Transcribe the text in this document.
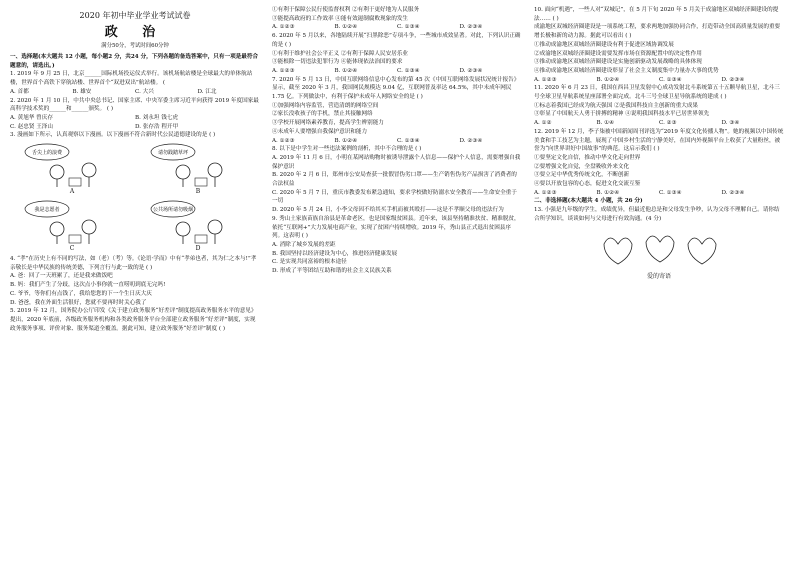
2020 年初中毕业学业考试试卷
政 治
满分50分，考试时间60分钟

一、选择题(本大题共 12 小题，每小题2 分，共24 分，下列各题的备选答案中，只有一项是最符合题意的，请选出。)

1. 2019 年 9 月 25 日，北京______国际机场投运仪式举行。该机场航站楼是全球最大的单体航站楼，世界首个高铁下穿航站楼、世界首个“双进双出”航站楼。 (

A. 首都	B. 雄安	C. 大兴	D. 江北

2. 2020 年 1 月 10 日，中共中央总书记、国家主席、中央军委主席习近平向获得 2019 年度国家最高科学技术奖的______和______颁奖。 ( )

A. 黄旭华 曾庆存	B. 刘永坦 钱七虎
C. 赵忠贤 王泽山	D. 张存浩 程开甲

3. 漫画如下所示，认真观察以下漫画。以下漫画不符合新时代公民道德建设的是 ( )

舌尖上的浪费
A
请勿践踏草坪
B
我是志愿者
C
公共场所请勿吸烟
D

4. “孝”在历史上有不同的写法，如（老）（考）等。《论语·学而》中有“孝弟也者，其为仁之本与!”孝亲敬长是中华民族的传统美德，下列言行与此一致的是 ( )

A. 爸：回了一天班累了，还是我来做饭吧

B. 妈：我们产生了分歧，这次点小事你就一直唠叨到底无完吗!

C. 爷爷，等你们有点钱了，我给您您的下一个生日庆大庆

D. 爸爸，我在外面生活很好，您就不要再时时关心我了

5. 2019 年 12 月，国务院办公厅印发《关于建立政务服务“好差评”制度提高政务服务水平的意见》提出，2020 年底前，各级政务服务机构和各类政务服务平台全部建立政务服务“好差评”制度，实现政务服务事项、评价对象、服务渠道全覆盖。据此可知，建立政务服务“好差评”制度 ( )

①有利于保障公民行使监督权利 ②有利于更好地为人民服务

③能提高政府的工作效率 ④能有效遏制腐败现象的发生

A. ①②③	B. ①②④	C. ①③④	D. ②③④

6. 2020 年 5 月以来，各地陆续开展“扫黑除恶”专项斗争，一些城市成效显著。对此，下列认识正确的是 ( )

①有利于维护社会公平正义 ②有利于保障人民安居乐业

③能根除一切违法犯罪行为 ④能体现依法治国的要求

A. ①②③	B. ①②④	C. ①③④	D. ②③④

7. 2020 年 5 月 13 日，中国互联网络信息中心发布的第 45 次《中国互联网络发展状况统计报告》显示，截至 2020 年 3 月，我国网民规模达 9.04 亿，互联网普及率达 64.5%，其中未成年网民 1.75 亿。下列做法中，有利于保护未成年人网络安全的是 ( )

①加强网络内容监管，营造清朗的网络空间

②家长没收孩子的手机，禁止其接触网络

③学校开展网络素养教育，提高学生辨别能力

④未成年人要增强自我保护意识和能力

A. ①②③	B. ①②④	C. ①③④	D. ②③④

8. 以下是中学生对一些违法案例的剖析，其中不合理的是 ( )

A. 2019 年 11 月 6 日，小明在某网站购物时被诱导泄露个人信息——保护个人信息，需要增强自我保护意识

B. 2020 年 2 月 6 日，郑州市公安局查获一批假冒伪劣口罩——生产销售伪劣产品损害了消费者的合法权益

C. 2020 年 5 月 7 日，重庆市教委发布紧急通知，要求学校做好防溺水安全教育——生命安全重于一切

D. 2020 年 5 月 24 日，小李父母因不给其买手机而被其殴打——这是不孝顺父母的违法行为

9. 秀山土家族苗族自治县是革命老区，也是国家级贫困县。近年来，该县坚持精准扶贫、精准脱贫，依托“互联网+”大力发展电商产业，实现了贫困户持续增收。2019 年，秀山县正式退出贫困县序列。这表明 ( )

A. 消除了城乡发展的差距

B. 我国坚持以经济建设为中心，推进经济健康发展

C. 是实现共同富裕的根本途径

D. 形成了平等团结互助和谐的社会主义民族关系

10. 面向“机遇”，一些人对“双城记”，在 5 月下旬 2020 年 5 月关于成渝地区双城经济圈建设的提法…… ( )

成渝地区双城经济圈建设是一项系统工程，要求两地加强协同合作，打造带动全国高质量发展的重要增长极和新的动力源。据此可以看出 ( )

①推动成渝地区双城经济圈建设有利于促进区域协调发展

②成渝地区双城经济圈建设需要发挥市场在资源配置中的决定性作用

③推动成渝地区双城经济圈建设是实施创新驱动发展战略的具体体现

④推动成渝地区双城经济圈建设彰显了社会主义制度集中力量办大事的优势

A. ①②③	B. ①②④	C. ①③④	D. ②③④

11. 2020 年 6 月 23 日，我国在西昌卫星发射中心成功发射北斗系统第五十五颗导航卫星，北斗三号全球卫星导航系统星座部署全面完成。北斗三号全球卫星导航系统的建成 ( )

①标志着我国已经成为航天强国 ②是我国科技自主创新的重大成果

③彰显了中国航天人勇于拼搏的精神 ④说明我国科技水平已居世界领先

A. ①②	B. ①④	C. ②③	D. ③④

12. 2019 年 12 月，李子柒被中国新闻周刊评选为“2019 年度文化传播人物”。她的视频以中国传统美食和手工技艺为主题，展现了中国乡村生活的宁静美好，在国内外视频平台上收获了大量粉丝，被誉为“向世界讲好中国故事”的典范。这启示我们 ( )

①要坚定文化自信，推动中华文化走向世界

②要增强文化自觉，全盘吸收外来文化

③要立足中华优秀传统文化，不断创新

④要以开放包容的心态，促进文化交流互鉴

A. ①②③	B. ①②④	C. ①③④	D. ②③④

二、非选择题(本大题共 4 小题，共 26 分)

13. 小强是九年级的学生，成绩优异，但最近他总是和父母发生争吵，认为父母不理解自己。请你结合所学知识，谈谈如何与父母进行有效沟通。(4 分)

爱的寄语
